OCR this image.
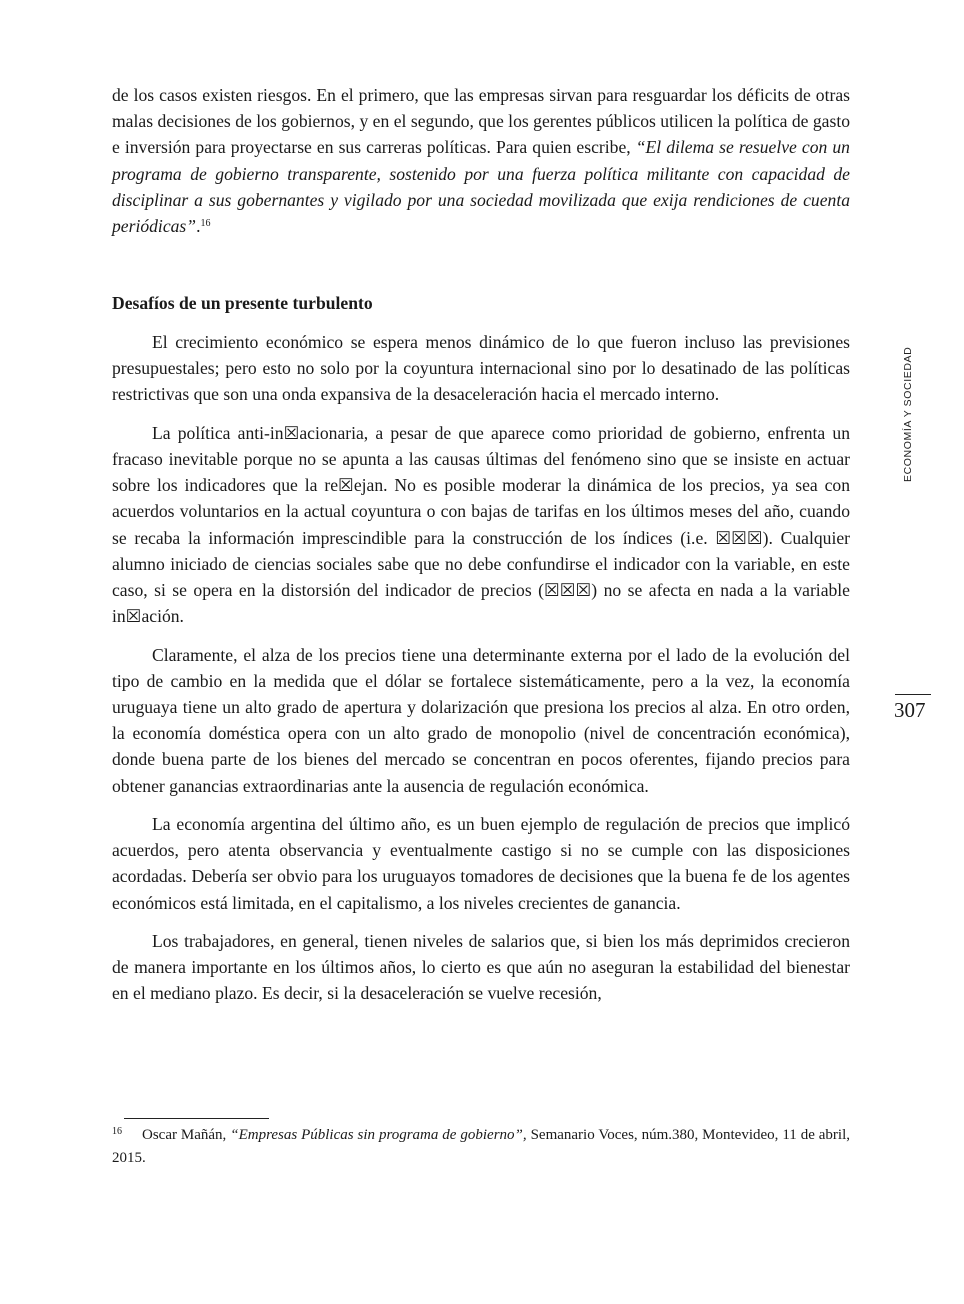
de los casos existen riesgos. En el primero, que las empresas sirvan para resguardar los déficits de otras malas decisiones de los gobiernos, y en el segundo, que los gerentes públicos utilicen la política de gasto e inversión para proyectarse en sus carreras políticas. Para quien escribe, “El dilema se resuelve con un programa de gobierno transparente, sostenido por una fuerza política militante con capacidad de disciplinar a sus gobernantes y vigilado por una sociedad movilizada que exija rendiciones de cuenta periódicas”.$^{16}$

Desafíos de un presente turbulento

El crecimiento económico se espera menos dinámico de lo que fueron incluso las previsiones presupuestales; pero esto no solo por la coyuntura internacional sino por lo desatinado de las políticas restrictivas que son una onda expansiva de la desaceleración hacia el mercado interno.

La política anti-in☒acionaria, a pesar de que aparece como prioridad de gobierno, enfrenta un fracaso inevitable porque no se apunta a las causas últimas del fenómeno sino que se insiste en actuar sobre los indicadores que la re☒ejan. No es posible moderar la dinámica de los precios, ya sea con acuerdos voluntarios en la actual coyuntura o con bajas de tarifas en los últimos meses del año, cuando se recaba la información imprescindible para la construcción de los índices (i.e. ☒☒☒). Cualquier alumno iniciado de ciencias sociales sabe que no debe confundirse el indicador con la variable, en este caso, si se opera en la distorsión del indicador de precios (☒☒☒) no se afecta en nada a la variable in☒ación.

Claramente, el alza de los precios tiene una determinante externa por el lado de la evolución del tipo de cambio en la medida que el dólar se fortalece sistemáticamente, pero a la vez, la economía uruguaya tiene un alto grado de apertura y dolarización que presiona los precios al alza. En otro orden, la economía doméstica opera con un alto grado de monopolio (nivel de concentración económica), donde buena parte de los bienes del mercado se concentran en pocos oferentes, fijando precios para obtener ganancias extraordinarias ante la ausencia de regulación económica.

La economía argentina del último año, es un buen ejemplo de regulación de precios que implicó acuerdos, pero atenta observancia y eventualmente castigo si no se cumple con las disposiciones acordadas. Debería ser obvio para los uruguayos tomadores de decisiones que la buena fe de los agentes económicos está limitada, en el capitalismo, a los niveles crecientes de ganancia.

Los trabajadores, en general, tienen niveles de salarios que, si bien los más deprimidos crecieron de manera importante en los últimos años, lo cierto es que aún no aseguran la estabilidad del bienestar en el mediano plazo. Es decir, si la desaceleración se vuelve recesión,

ECONOMÍA Y SOCIEDAD
307

16 Oscar Mañán, “Empresas Públicas sin programa de gobierno”, Semanario Voces, núm.380, Montevideo, 11 de abril, 2015.
